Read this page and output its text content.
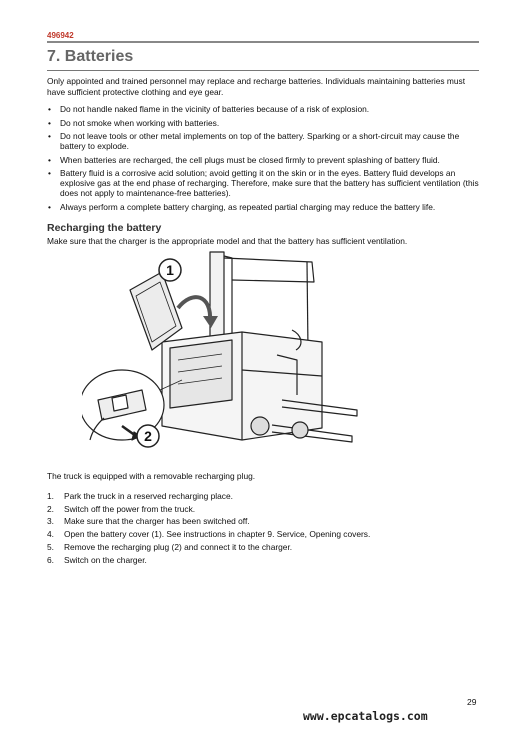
496942
7. Batteries
Only appointed and trained personnel may replace and recharge batteries. Individuals maintaining batteries must have sufficient protective clothing and eye gear.
• Do not handle naked flame in the vicinity of batteries because of a risk of explosion.
• Do not smoke when working with batteries.
• Do not leave tools or other metal implements on top of the battery. Sparking or a short-circuit may cause the battery to explode.
• When batteries are recharged, the cell plugs must be closed firmly to prevent splashing of battery fluid.
• Battery fluid is a corrosive acid solution; avoid getting it on the skin or in the eyes. Battery fluid develops an explosive gas at the end phase of recharging. Therefore, make sure that the battery has sufficient ventilation (this does not apply to maintenance-free batteries).
• Always perform a complete battery charging, as repeated partial charging may reduce the battery life.
Recharging the battery
Make sure that the charger is the appropriate model and that the battery has sufficient ventilation.
1
2
The truck is equipped with a removable recharging plug.
1.	Park the truck in a reserved recharging place.
2.	Switch off the power from the truck.
3.	Make sure that the charger has been switched off.
4.	Open the battery cover (1). See instructions in chapter 9. Service, Opening covers.
5.	Remove the recharging plug (2) and connect it to the charger.
6.	Switch on the charger.
29
www.epcatalogs.com
